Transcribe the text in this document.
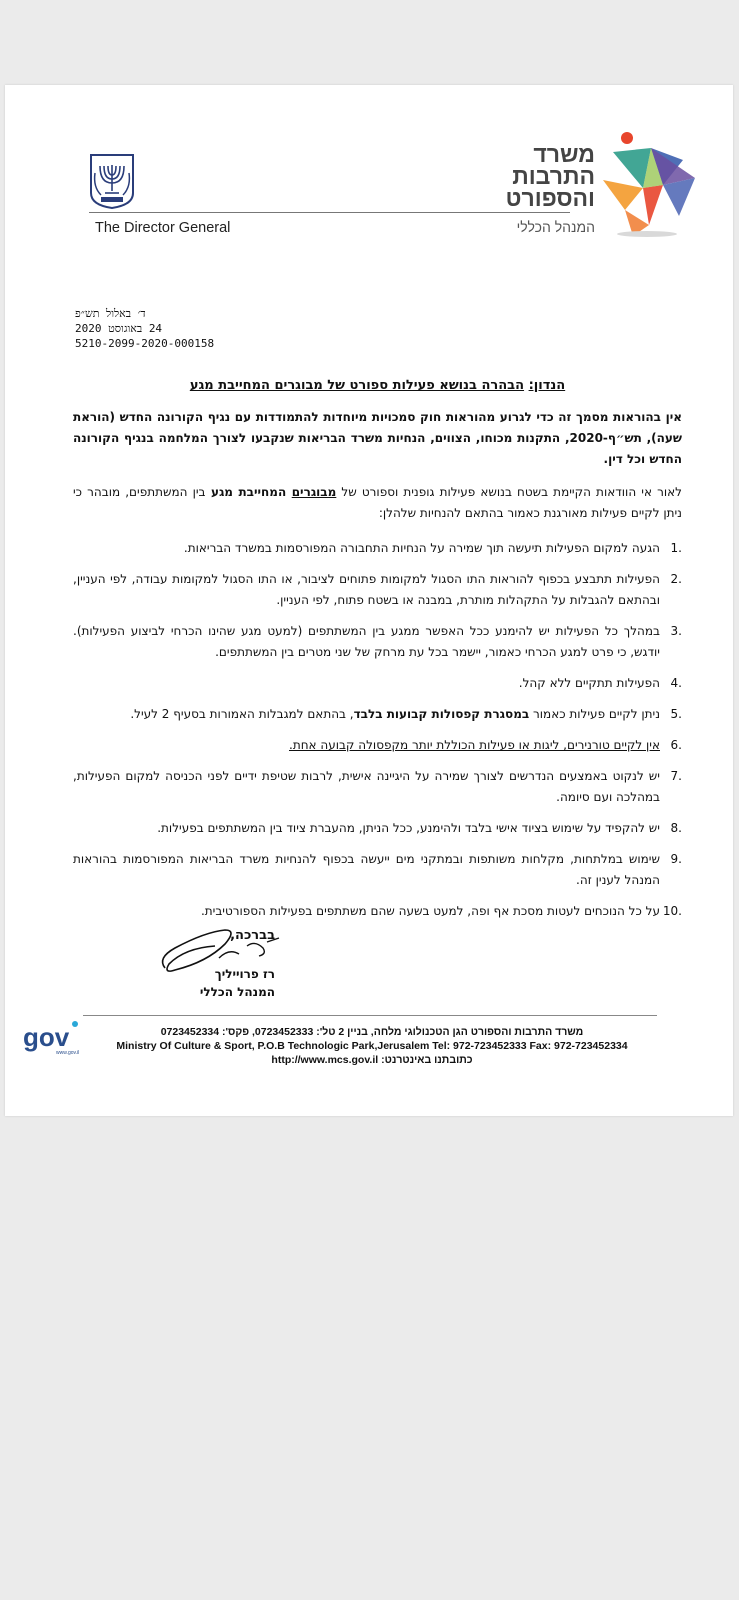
The Director General
משרד
התרבות
והספורט
המנהל הכללי
ד׳ באלול תש״פ
24 באוגוסט 2020
5210-2099-2020-000158
הנדון: הבהרה בנושא פעילות ספורט של מבוגרים המחייבת מגע

אין בהוראות מסמך זה כדי לגרוע מהוראות חוק סמכויות מיוחדות להתמודדות עם נגיף הקורונה החדש (הוראת שעה), תש״ף-2020, התקנות מכוחו, הצווים, הנחיות משרד הבריאות שנקבעו לצורך המלחמה בנגיף הקורונה החדש וכל דין.

לאור אי הוודאות הקיימת בשטח בנושא פעילות גופנית וספורט של מבוגרים המחייבת מגע בין המשתתפים, מובהר כי ניתן לקיים פעילות מאורגנת כאמור בהתאם להנחיות שלהלן:

1.
הגעה למקום הפעילות תיעשה תוך שמירה על הנחיות התחבורה המפורסמות במשרד הבריאות.
2.
הפעילות תתבצע בכפוף להוראות התו הסגול למקומות פתוחים לציבור, או התו הסגול למקומות עבודה, לפי העניין, ובהתאם להגבלות על התקהלות מותרת, במבנה או בשטח פתוח, לפי העניין.
3.
במהלך כל הפעילות יש להימנע ככל האפשר ממגע בין המשתתפים (למעט מגע שהינו הכרחי לביצוע הפעילות). יודגש, כי פרט למגע הכרחי כאמור, יישמר בכל עת מרחק של שני מטרים בין המשתתפים.
4.
הפעילות תתקיים ללא קהל.
5.
ניתן לקיים פעילות כאמור במסגרת קפסולות קבועות בלבד, בהתאם למגבלות האמורות בסעיף 2 לעיל.
6.
אין לקיים טורנירים, ליגות או פעילות הכוללת יותר מקפסולה קבועה אחת.
7.
יש לנקוט באמצעים הנדרשים לצורך שמירה על היגיינה אישית, לרבות שטיפת ידיים לפני הכניסה למקום הפעילות, במהלכה ועם סיומה.
8.
יש להקפיד על שימוש בציוד אישי בלבד ולהימנע, ככל הניתן, מהעברת ציוד בין המשתתפים בפעילות.
9.
שימוש במלתחות, מקלחות משותפות ובמתקני מים ייעשה בכפוף להנחיות משרד הבריאות המפורסמות בהוראות המנהל לענין זה.
10.
על כל הנוכחים לעטות מסכת אף ופה, למעט בשעה שהם משתתפים בפעילות הספורטיבית.
בברכה,
רז פרוייליך
המנהל הכללי
gov
www.gov.il
משרד התרבות והספורט הגן הטכנולוגי מלחה, בניין 2 טל': 0723452333, פקס': 0723452334
Ministry Of Culture & Sport, P.O.B Technologic Park,Jerusalem Tel: 972-723452333 Fax: 972-723452334
כתובתנו באינטרנט: http://www.mcs.gov.il
